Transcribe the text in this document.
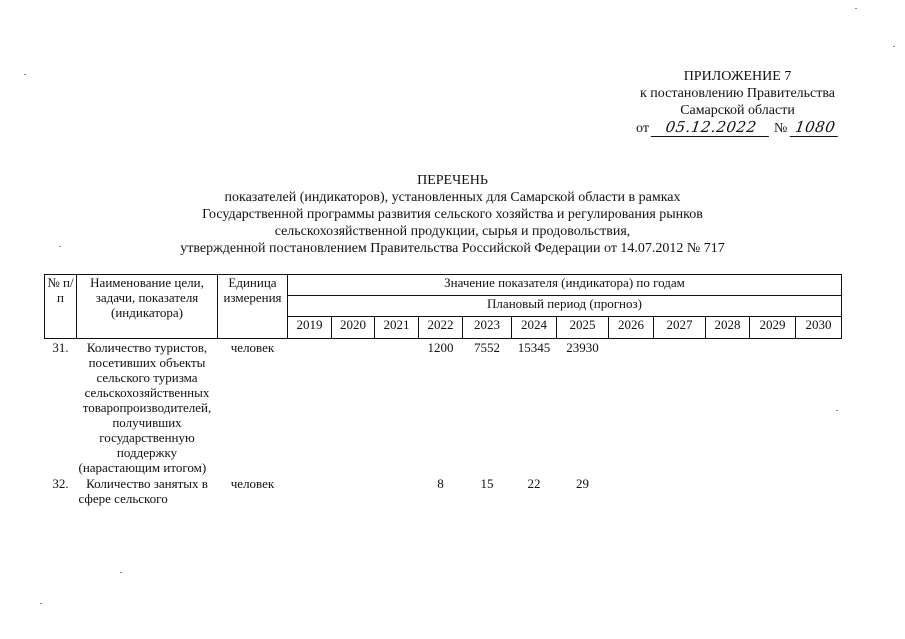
ПРИЛОЖЕНИЕ 7
к постановлению Правительства
Самарской области
от 05.12.2022 № 1080
ПЕРЕЧЕНЬ
показателей (индикаторов), установленных для Самарской области в рамках
Государственной программы развития сельского хозяйства и регулирования рынков
сельскохозяйственной продукции, сырья и продовольствия,
утвержденной постановлением Правительства Российской Федерации от 14.07.2012 № 717
№ п/п	Наименование цели, задачи, показателя (индикатора)	Единица измерения	Значение показателя (индикатора) по годам											
			Плановый период (прогноз)											
			2019	2020	2021	2022	2023	2024	2025	2026	2027	2028	2029	2030
31.	Количество туристов, посетивших объекты сельского туризма сельскохозяйственных товаропроизводителей, получивших государственную поддержку (нарастающим итогом)	человек				1200	7552	15345	23930					
32.	Количество занятых в сфере сельского	человек				8	15	22	29					
